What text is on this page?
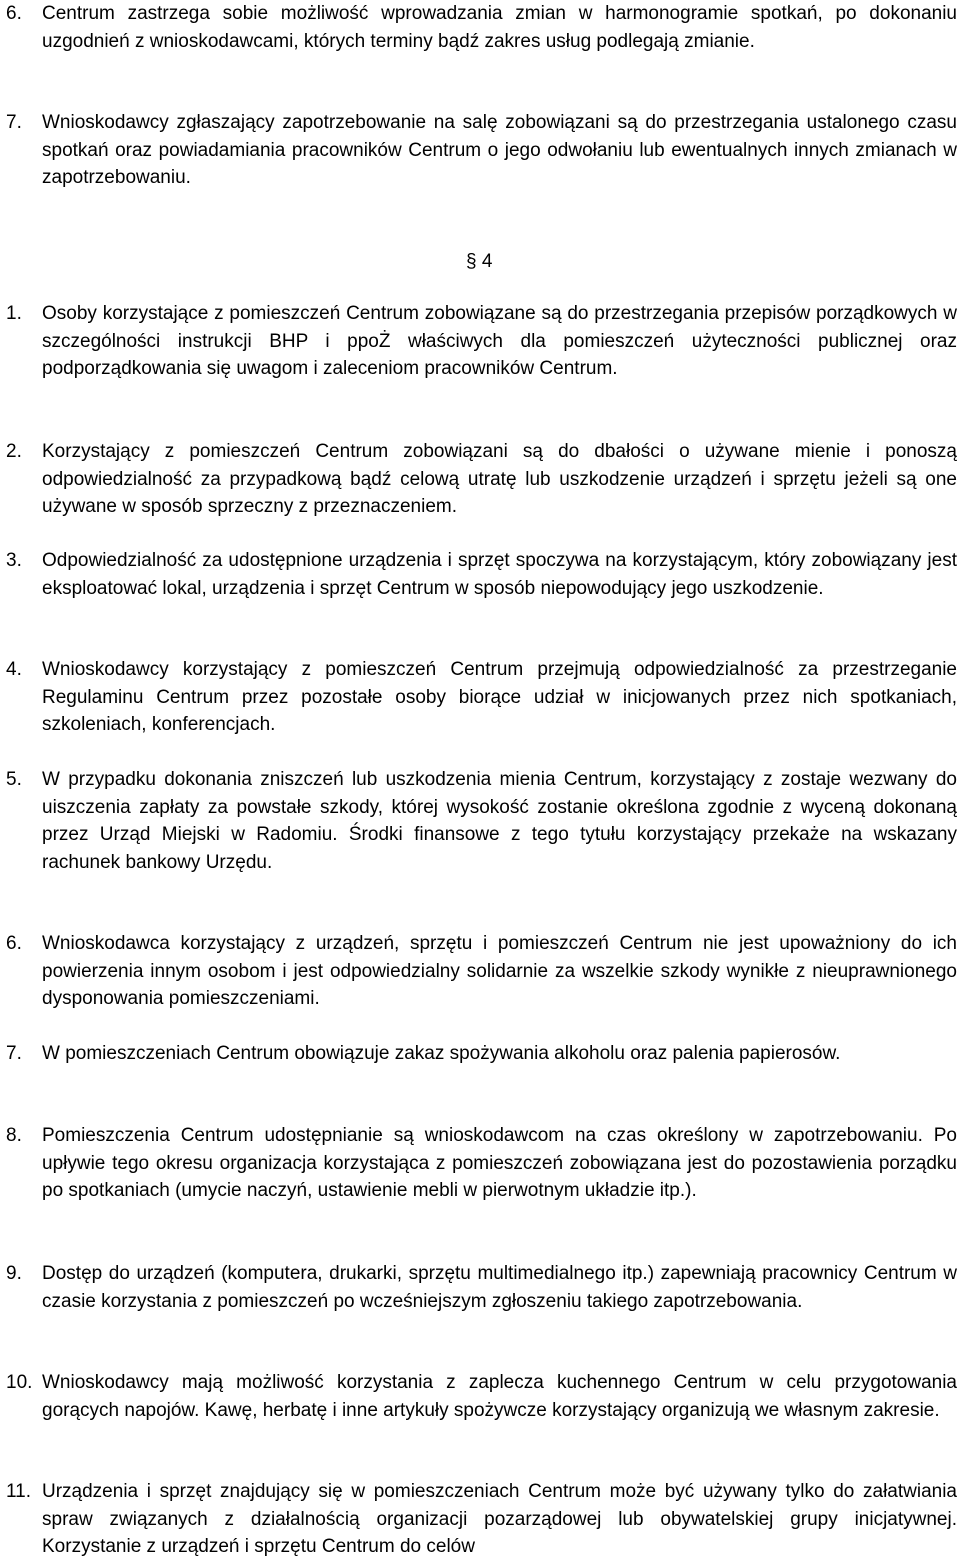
6.	Centrum zastrzega sobie możliwość wprowadzania zmian w harmonogramie spotkań, po dokonaniu uzgodnień z wnioskodawcami, których terminy bądź zakres usług podlegają zmianie.
7.	Wnioskodawcy zgłaszający zapotrzebowanie na salę zobowiązani są do przestrzegania ustalonego czasu spotkań oraz powiadamiania pracowników Centrum o jego odwołaniu lub ewentualnych innych zmianach w zapotrzebowaniu.
§ 4
1.	Osoby korzystające z pomieszczeń Centrum zobowiązane są do przestrzegania przepisów porządkowych w szczególności instrukcji BHP i ppoŻ właściwych dla pomieszczeń użyteczności publicznej oraz podporządkowania się uwagom i zaleceniom pracowników Centrum.
2.	Korzystający z pomieszczeń Centrum zobowiązani są do dbałości o używane mienie i ponoszą odpowiedzialność za przypadkową bądź celową utratę lub uszkodzenie urządzeń i sprzętu jeżeli są one używane w sposób sprzeczny z przeznaczeniem.
3.	Odpowiedzialność za udostępnione urządzenia i sprzęt spoczywa na korzystającym, który zobowiązany jest eksploatować lokal, urządzenia i sprzęt Centrum w sposób niepowodujący jego uszkodzenie.
4.	Wnioskodawcy korzystający z pomieszczeń Centrum przejmują odpowiedzialność za przestrzeganie Regulaminu Centrum przez pozostałe osoby biorące udział w inicjowanych przez nich spotkaniach, szkoleniach, konferencjach.
5.	W przypadku dokonania zniszczeń lub uszkodzenia mienia Centrum, korzystający z zostaje wezwany do uiszczenia zapłaty za powstałe szkody, której wysokość zostanie określona zgodnie z wyceną dokonaną przez Urząd Miejski w Radomiu. Środki finansowe z tego tytułu korzystający przekaże na wskazany rachunek bankowy Urzędu.
6.	Wnioskodawca korzystający z urządzeń, sprzętu i pomieszczeń Centrum nie jest upoważniony do ich powierzenia innym osobom i jest odpowiedzialny solidarnie za wszelkie szkody wynikłe z nieuprawnionego dysponowania pomieszczeniami.
7.	W pomieszczeniach Centrum obowiązuje zakaz spożywania alkoholu oraz palenia papierosów.
8.	Pomieszczenia Centrum udostępnianie są wnioskodawcom na czas określony w zapotrzebowaniu. Po upływie tego okresu organizacja korzystająca z pomieszczeń zobowiązana jest do pozostawienia porządku po spotkaniach (umycie naczyń, ustawienie mebli w pierwotnym układzie itp.).
9.	Dostęp do urządzeń (komputera, drukarki, sprzętu multimedialnego itp.) zapewniają pracownicy Centrum w czasie korzystania z pomieszczeń po wcześniejszym zgłoszeniu takiego zapotrzebowania.
10. Wnioskodawcy mają możliwość korzystania z zaplecza kuchennego Centrum w celu przygotowania gorących napojów. Kawę, herbatę i inne artykuły spożywcze korzystający organizują we własnym zakresie.
11. Urządzenia i sprzęt znajdujący się w pomieszczeniach Centrum może być używany tylko do załatwiania spraw związanych z działalnością organizacji pozarządowej lub obywatelskiej grupy inicjatywnej. Korzystanie z urządzeń i sprzętu Centrum do celów
